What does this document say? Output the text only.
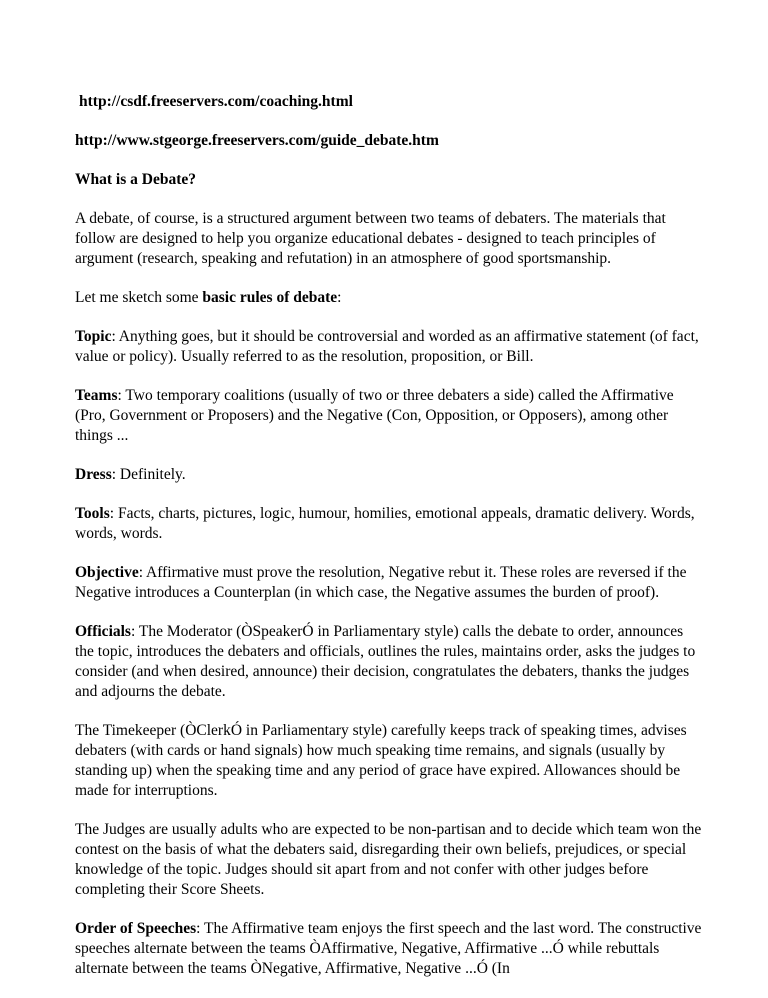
http://csdf.freeservers.com/coaching.html

http://www.stgeorge.freeservers.com/guide_debate.htm

What is a Debate?

A debate, of course, is a structured argument between two teams of debaters. The materials that follow are designed to help you organize educational debates - designed to teach principles of argument (research, speaking and refutation) in an atmosphere of good sportsmanship.

Let me sketch some basic rules of debate:

Topic: Anything goes, but it should be controversial and worded as an affirmative statement (of fact, value or policy). Usually referred to as the resolution, proposition, or Bill.

Teams: Two temporary coalitions (usually of two or three debaters a side) called the Affirmative (Pro, Government or Proposers) and the Negative (Con, Opposition, or Opposers), among other things ...

Dress: Definitely.

Tools: Facts, charts, pictures, logic, humour, homilies, emotional appeals, dramatic delivery. Words, words, words.

Objective: Affirmative must prove the resolution, Negative rebut it. These roles are reversed if the Negative introduces a Counterplan (in which case, the Negative assumes the burden of proof).

Officials: The Moderator (ÒSpeakerÓ in Parliamentary style) calls the debate to order, announces the topic, introduces the debaters and officials, outlines the rules, maintains order, asks the judges to consider (and when desired, announce) their decision, congratulates the debaters, thanks the judges and adjourns the debate.

The Timekeeper (ÒClerkÓ in Parliamentary style) carefully keeps track of speaking times, advises debaters (with cards or hand signals) how much speaking time remains, and signals (usually by standing up) when the speaking time and any period of grace have expired. Allowances should be made for interruptions.

The Judges are usually adults who are expected to be non-partisan and to decide which team won the contest on the basis of what the debaters said, disregarding their own beliefs, prejudices, or special knowledge of the topic. Judges should sit apart from and not confer with other judges before completing their Score Sheets.

Order of Speeches: The Affirmative team enjoys the first speech and the last word. The constructive speeches alternate between the teams ÒAffirmative, Negative, Affirmative ...Ó while rebuttals alternate between the teams ÒNegative, Affirmative, Negative ...Ó (In
